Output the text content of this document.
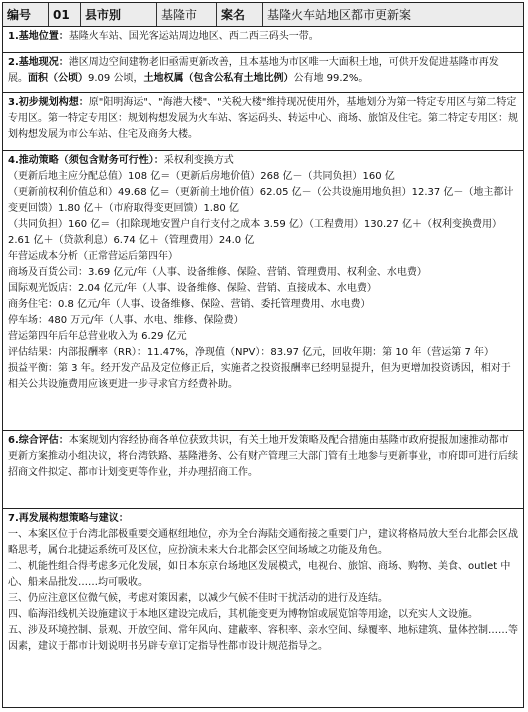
编号	01	县市别	基隆市	案名	基隆火车站地区都市更新案
1.基地位置：基隆火车站、国光客运站周边地区、西二西三码头一带。
2.基地现况：港区周边空间建物老旧亟需更新改善，且本基地为市区唯一大面积土地，可供开发促进基隆市再发展。面积（公顷）9.09 公顷，土地权属（包含公私有土地比例）公有地 99.2%。
3.初步规划构想：原"阳明海运"、"海港大楼"、"关税大楼"维持现况使用外，基地划分为第一特定专用区与第二特定专用区。第一特定专用区：规划构想发展为火车站、客运码头、转运中心、商场、旅馆及住宅。第二特定专用区：规划构想发展为市公车站、住宅及商务大楼。

4.推动策略（须包含财务可行性）：采权利变换方式

（更新后地主应分配总值）108 亿＝（更新后房地价值）268 亿－（共同负担）160 亿

（更新前权利价值总和）49.68 亿＝（更新前土地价值）62.05 亿－（公共设施用地负担）12.37 亿－（地主都计变更回馈）1.80 亿＋（市府取得变更回馈）1.80 亿

（共同负担）160 亿＝（扣除现地安置户自行支付之成本 3.59 亿）（工程费用）130.27 亿＋（权利变换费用）2.61 亿＋（贷款利息）6.74 亿＋（管理费用）24.0 亿

年营运成本分析（正常营运后第四年）

商场及百货公司：3.69 亿元/年（人事、设备维修、保险、营销、管理费用、权利金、水电费）

国际观光饭店：2.04 亿元/年（人事、设备维修、保险、营销、直接成本、水电费）

商务住宅：0.8 亿元/年（人事、设备维修、保险、营销、委托管理费用、水电费）

停车场：480 万元/年（人事、水电、维修、保险费）

营运第四年后年总营业收入为 6.29 亿元

评估结果：内部报酬率（RR）：11.47%，净现值（NPV）：83.97 亿元，回收年期：第 10 年（营运第 7 年）

损益平衡：第 3 年。经开发产品及定位修正后，实施者之投资报酬率已经明显提升，但为更增加投资诱因，相对于相关公共设施费用应该更进一步寻求官方经费补助。

6.综合评估：本案规划内容经协商各单位获致共识，有关土地开发策略及配合措施由基隆市政府提报加速推动都市更新方案推动小组决议，将台湾铁路、基隆港务、公有财产管理三大部门管有土地参与更新事业，市府即可进行后续招商文件拟定、都市计划变更等作业，并办理招商工作。

7.再发展构想策略与建议：

一、本案区位于台湾北部极重要交通枢纽地位，亦为全台海陆交通衔接之重要门户，建议将格局放大至台北都会区战略思考，属台北捷运系统可及区位，应扮演未来大台北都会区空间场域之功能及角色。

二、机能性组合得考虑多元化发展，如日本东京台场地区发展模式，电视台、旅馆、商场、购物、美食、outlet 中心、船来品批发……均可吸收。

三、仍应注意区位微气候，考虑对策因素，以减少气候不佳时干扰活动的进行及连结。

四、临海沿线机关设施建议于本地区建设完成后，其机能变更为博物馆或展览馆等用途，以充实人文设施。

五、涉及环境控制、景观、开放空间、常年风向、建蔽率、容积率、亲水空间、绿覆率、地标建筑、量体控制……等因素，建议于都市计划说明书另辟专章订定指导性都市设计规范指导之。
